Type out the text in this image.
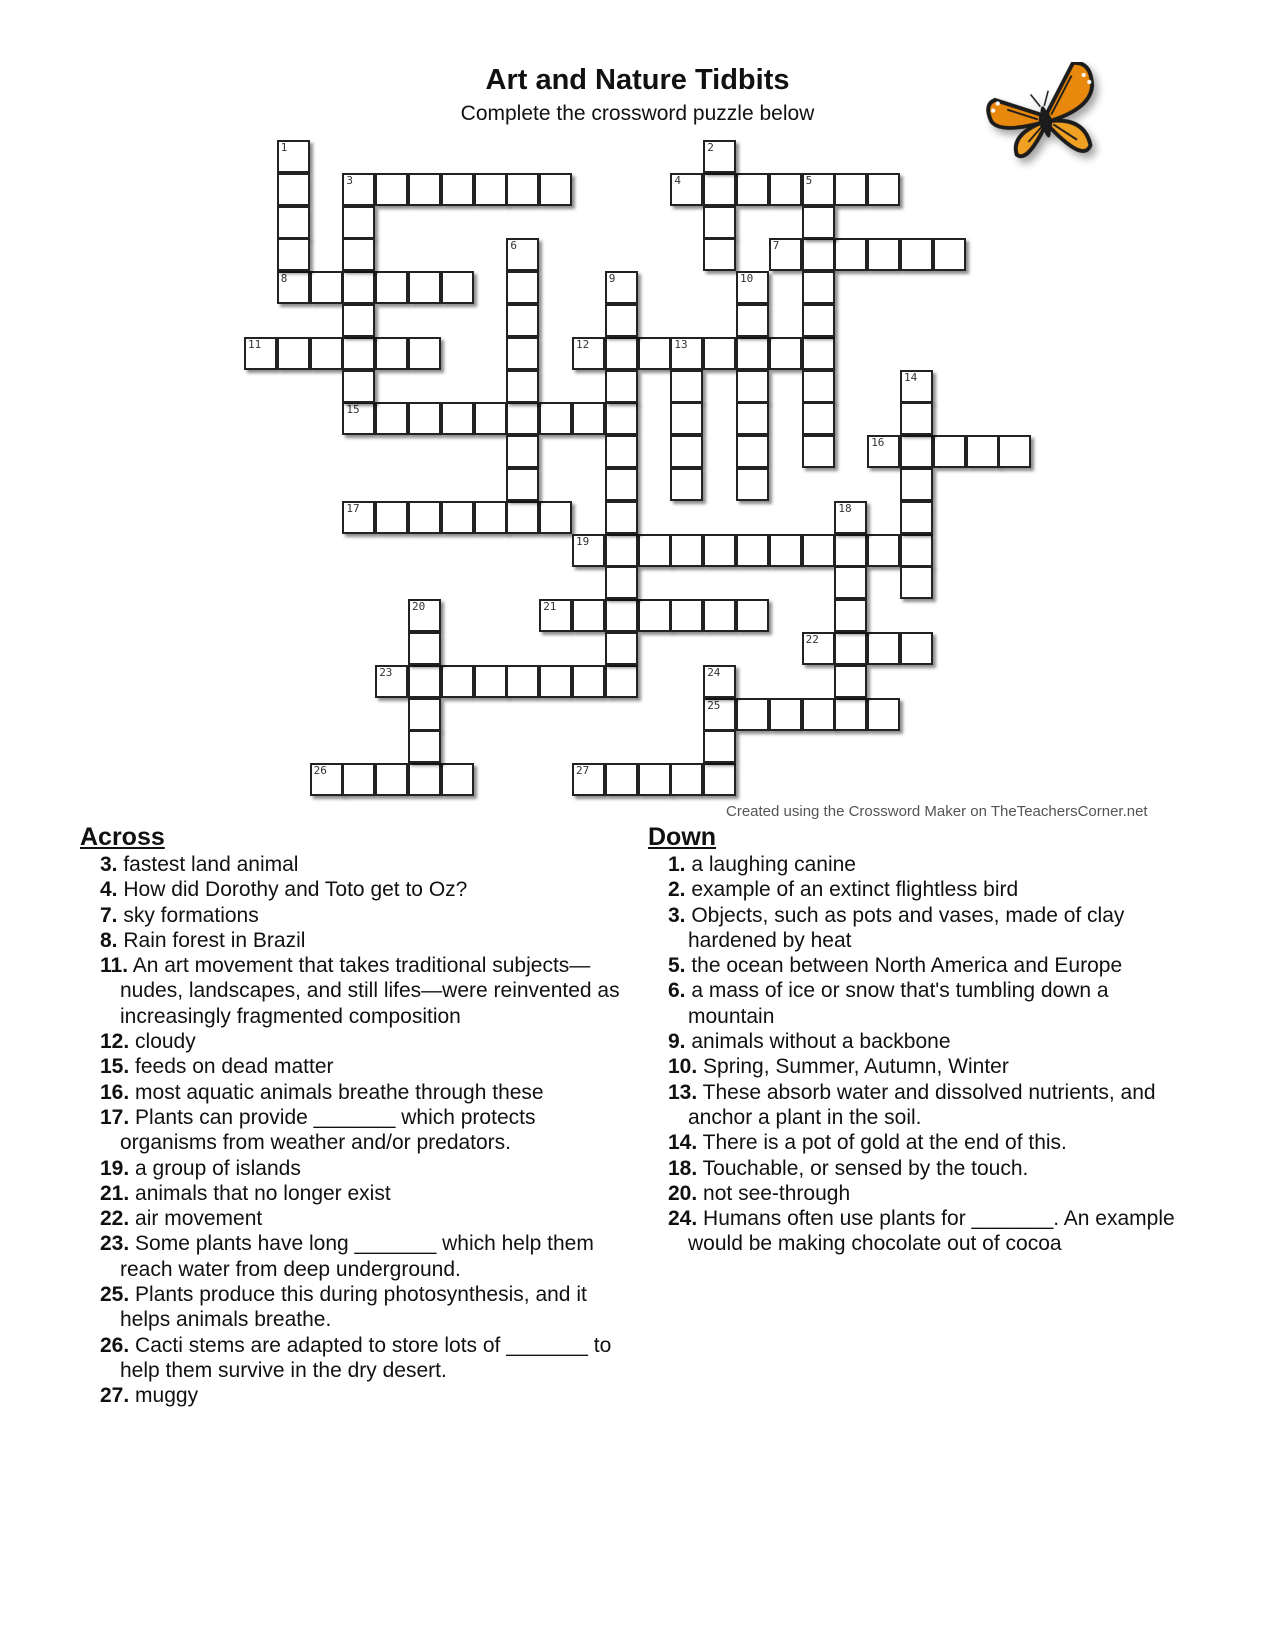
Art and Nature Tidbits
Complete the crossword puzzle below
3	4	5
7
8
11	12	13
15
16
17
19
21
22
23
25
26	27
1	2
6
9	10
14
18
20
24
Created using the Crossword Maker on TheTeachersCorner.net
Across	Down

3. fastest land animal

4. How did Dorothy and Toto get to Oz?

7. sky formations

8. Rain forest in Brazil

11. An art movement that takes traditional subjects—nudes, landscapes, and still lifes—were reinvented as increasingly fragmented composition

12. cloudy

15. feeds on dead matter

16. most aquatic animals breathe through these

17. Plants can provide _______ which protects organisms from weather and/or predators.

19. a group of islands

21. animals that no longer exist

22. air movement

23. Some plants have long _______ which help them reach water from deep underground.

25. Plants produce this during photosynthesis, and it helps animals breathe.

26. Cacti stems are adapted to store lots of _______ to help them survive in the dry desert.

27. muggy

1. a laughing canine

2. example of an extinct flightless bird

3. Objects, such as pots and vases, made of clay hardened by heat

5. the ocean between North America and Europe

6. a mass of ice or snow that's tumbling down a mountain

9. animals without a backbone

10. Spring, Summer, Autumn, Winter

13. These absorb water and dissolved nutrients, and anchor a plant in the soil.

14. There is a pot of gold at the end of this.

18. Touchable, or sensed by the touch.

20. not see-through

24. Humans often use plants for _______. An example would be making chocolate out of cocoa
